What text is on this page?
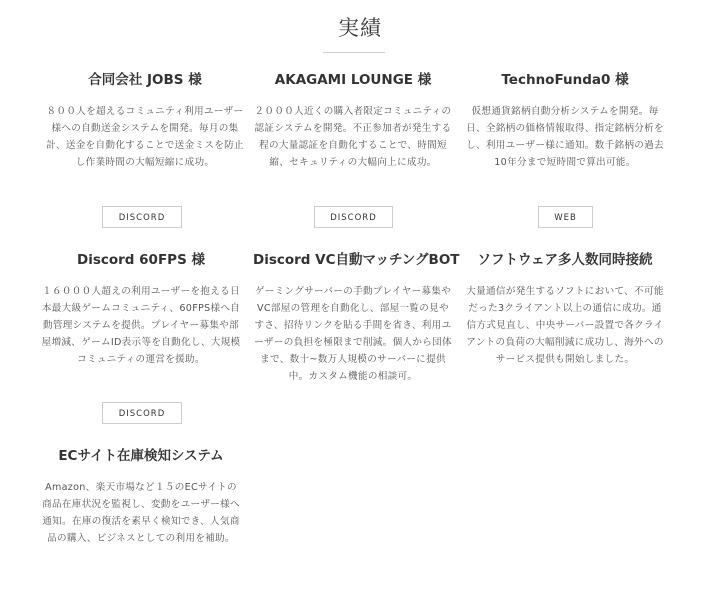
実績
合同会社 JOBS 様
８００人を超えるコミュニティ利用ユーザー様への自動送金システムを開発。毎月の集計、送金を自動化することで送金ミスを防止し作業時間の大幅短縮に成功。
DISCORD
AKAGAMI LOUNGE 様
２０００人近くの購入者限定コミュニティの認証システムを開発。不正参加者が発生する程の大量認証を自動化することで、時間短縮、セキュリティの大幅向上に成功。
DISCORD
TechnoFunda0 様
仮想通貨銘柄自動分析システムを開発。毎日、全銘柄の価格情報取得、指定銘柄分析をし、利用ユーザー様に通知。数千銘柄の過去10年分まで短時間で算出可能。
WEB
Discord 60FPS 様
１６０００人超えの利用ユーザーを抱える日本最大級ゲームコミュニティ、60FPS様へ自動管理システムを提供。プレイヤー募集や部屋増減、ゲームID表示等を自動化し、大規模コミュニティの運営を援助。
DISCORD
Discord VC自動マッチングBOT
ゲーミングサーバーの手動プレイヤー募集やVC部屋の管理を自動化し、部屋一覧の見やすさ、招待リンクを貼る手間を省き、利用ユーザーの負担を極限まで削減。個人から団体まで、数十~数万人規模のサーバーに提供中。カスタム機能の相談可。
ソフトウェア多人数同時接続
大量通信が発生するソフトにおいて、不可能だった3クライアント以上の通信に成功。通信方式見直し、中央サーバー設置で各クライアントの負荷の大幅削減に成功し、海外へのサービス提供も開始しました。
ECサイト在庫検知システム
Amazon、楽天市場など１５のECサイトの商品在庫状況を監視し、変動をユーザー様へ通知。在庫の復活を素早く検知でき、人気商品の購入、ビジネスとしての利用を補助。
